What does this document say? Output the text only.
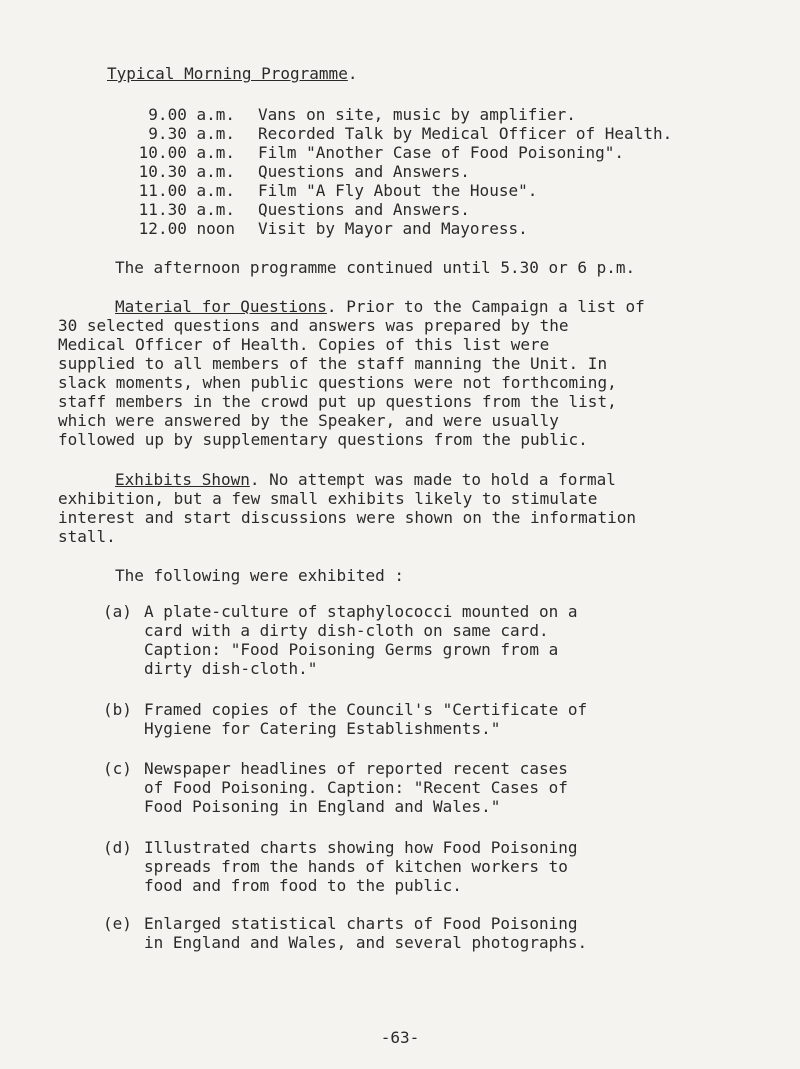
Typical Morning Programme.
9.00 a.m. Vans on site, music by amplifier.
9.30 a.m. Recorded Talk by Medical Officer of Health.
10.00 a.m. Film "Another Case of Food Poisoning".
10.30 a.m. Questions and Answers.
11.00 a.m. Film "A Fly About the House".
11.30 a.m. Questions and Answers.
12.00 noon Visit by Mayor and Mayoress.
The afternoon programme continued until 5.30 or 6 p.m.
Material for Questions. Prior to the Campaign a list of
30 selected questions and answers was prepared by the
Medical Officer of Health. Copies of this list were
supplied to all members of the staff manning the Unit. In
slack moments, when public questions were not forthcoming,
staff members in the crowd put up questions from the list,
which were answered by the Speaker, and were usually
followed up by supplementary questions from the public.
Exhibits Shown. No attempt was made to hold a formal
exhibition, but a few small exhibits likely to stimulate
interest and start discussions were shown on the information
stall.
The following were exhibited :
(a) A plate-culture of staphylococci mounted on a
card with a dirty dish-cloth on same card.
Caption: "Food Poisoning Germs grown from a
dirty dish-cloth."
(b) Framed copies of the Council's "Certificate of
Hygiene for Catering Establishments."
(c) Newspaper headlines of reported recent cases
of Food Poisoning. Caption: "Recent Cases of
Food Poisoning in England and Wales."
(d) Illustrated charts showing how Food Poisoning
spreads from the hands of kitchen workers to
food and from food to the public.
(e) Enlarged statistical charts of Food Poisoning
in England and Wales, and several photographs.
-63-
